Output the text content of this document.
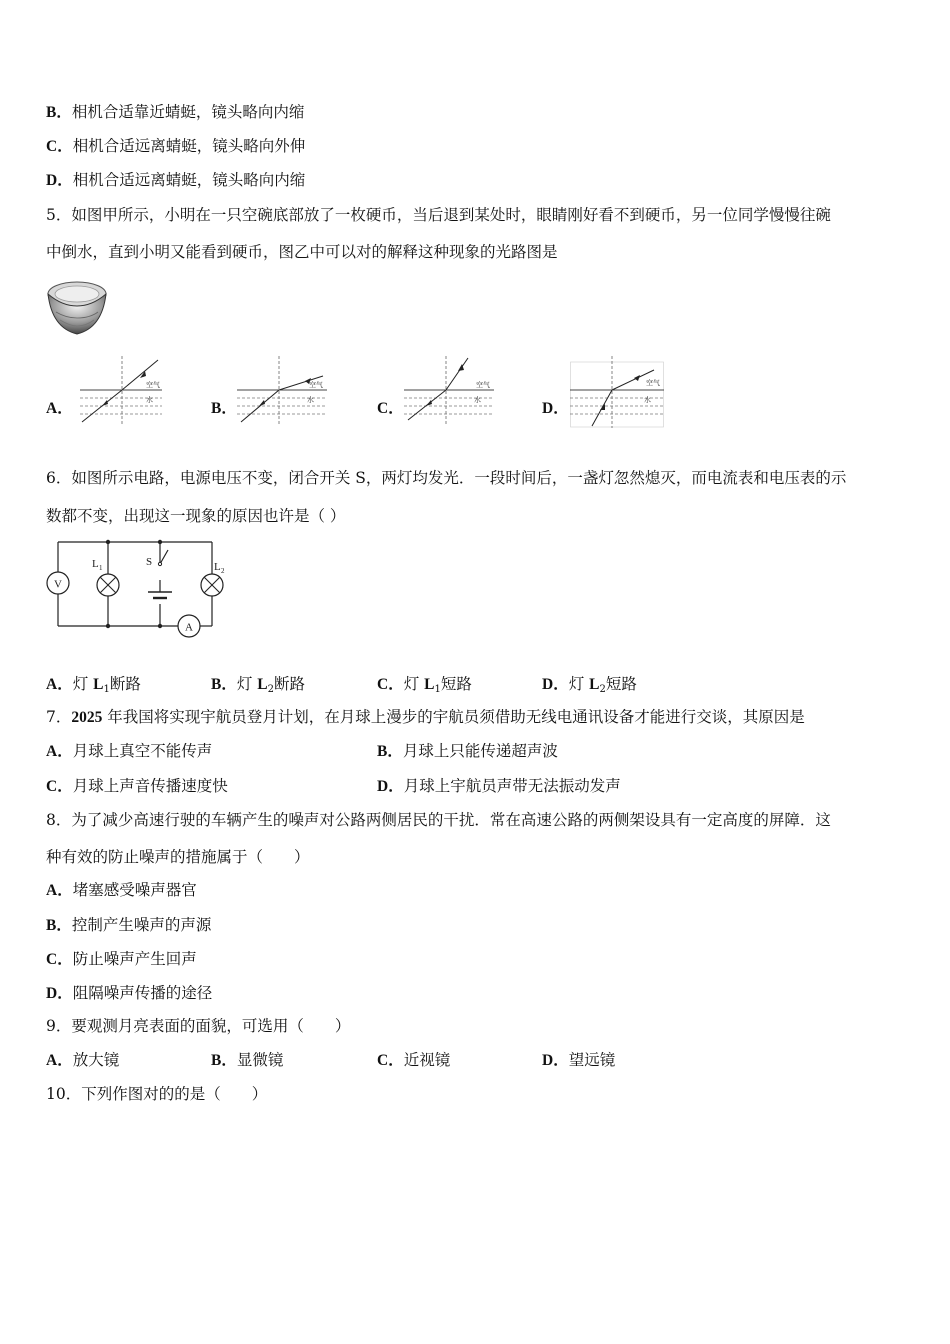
B．相机合适靠近蜻蜓，镜头略向内缩
C．相机合适远离蜻蜓，镜头略向外伸
D．相机合适远离蜻蜓，镜头略向内缩
5．如图甲所示，小明在一只空碗底部放了一枚硬币，当后退到某处时，眼睛刚好看不到硬币，另一位同学慢慢往碗
中倒水，直到小明又能看到硬币，图乙中可以对的解释这种现象的光路图是
A．
空气
水	B．
空气
水	C．
空气
水	D．
空气
水
6．如图所示电路，电源电压不变，闭合开关 S，两灯均发光．一段时间后，一盏灯忽然熄灭，而电流表和电压表的示
数都不变，出现这一现象的原因也许是（ ）
V
L 1	S	L 2
A
A．灯 $L_1$断路	B．灯 $L_2$断路	C．灯 $L_1$短路	D．灯 $L_2$短路
7．2025 年我国将实现宇航员登月计划，在月球上漫步的宇航员须借助无线电通讯设备才能进行交谈，其原因是
A．月球上真空不能传声	B．月球上只能传递超声波
C．月球上声音传播速度快	D．月球上宇航员声带无法振动发声
8．为了减少高速行驶的车辆产生的噪声对公路两侧居民的干扰．常在高速公路的两侧架设具有一定高度的屏障．这
种有效的防止噪声的措施属于（　　）
A．堵塞感受噪声器官
B．控制产生噪声的声源
C．防止噪声产生回声
D．阻隔噪声传播的途径
9．要观测月亮表面的面貌，可选用（　　）
A．放大镜	B．显微镜	C．近视镜	D．望远镜
10．下列作图对的的是（　　）
